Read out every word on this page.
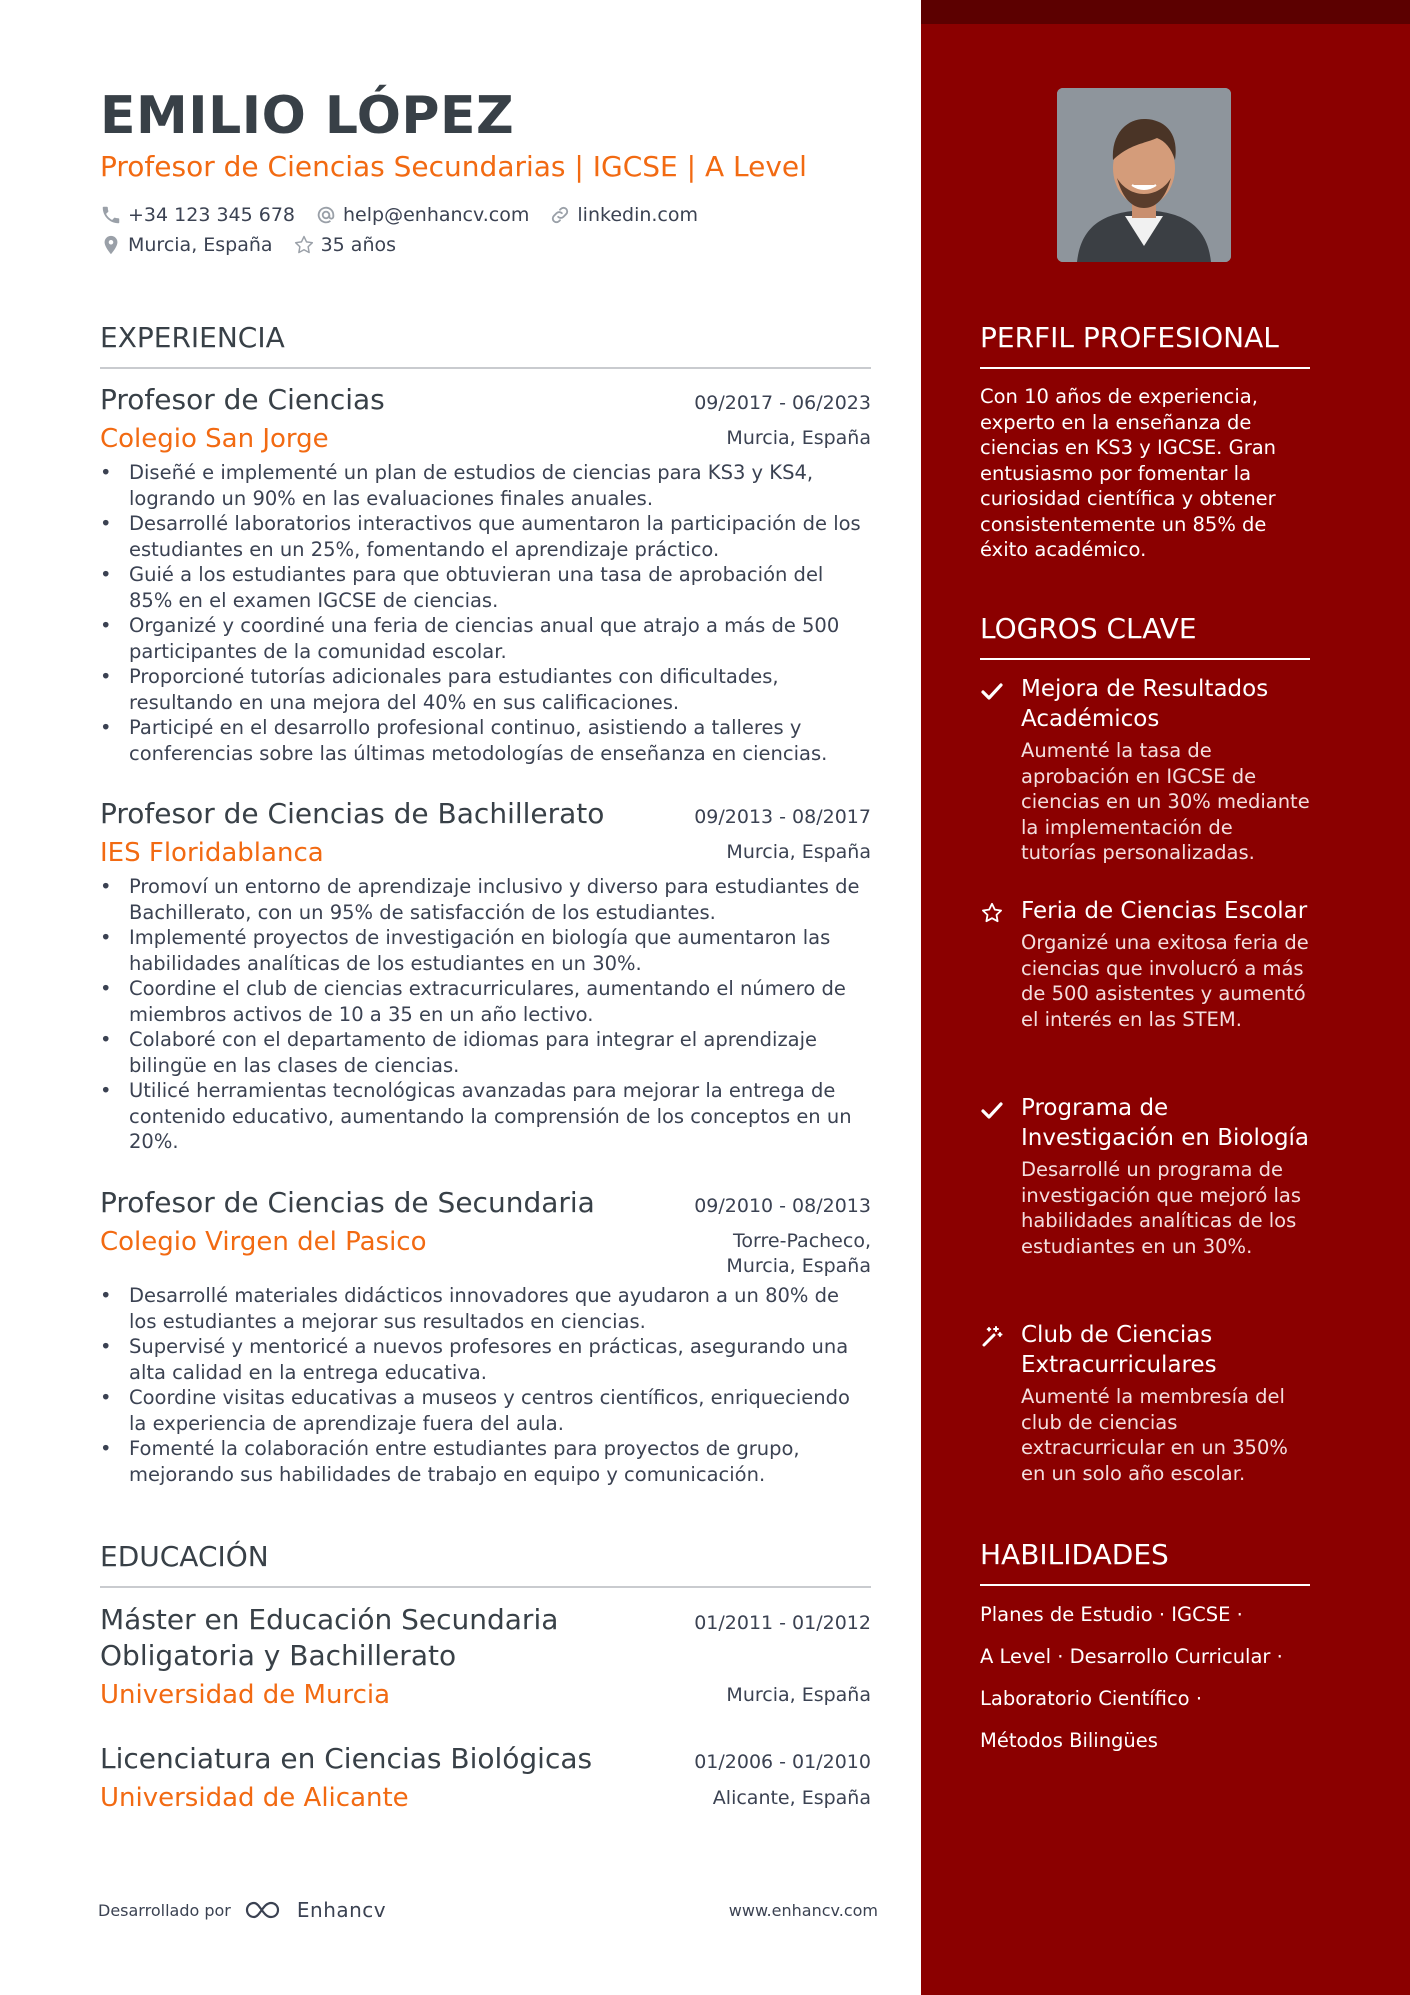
EMILIO LÓPEZ
Profesor de Ciencias Secundarias | IGCSE | A Level
+34 123 345 678	help@enhancv.com	linkedin.com
Murcia, España	35 años
EXPERIENCIA
Profesor de Ciencias	09/2017 - 06/2023
Colegio San Jorge	Murcia, España
• Diseñé e implementé un plan de estudios de ciencias para KS3 y KS4, logrando un 90% en las evaluaciones finales anuales.
• Desarrollé laboratorios interactivos que aumentaron la participación de los estudiantes en un 25%, fomentando el aprendizaje práctico.
• Guié a los estudiantes para que obtuvieran una tasa de aprobación del 85% en el examen IGCSE de ciencias.
• Organizé y coordiné una feria de ciencias anual que atrajo a más de 500 participantes de la comunidad escolar.
• Proporcioné tutorías adicionales para estudiantes con dificultades, resultando en una mejora del 40% en sus calificaciones.
• Participé en el desarrollo profesional continuo, asistiendo a talleres y conferencias sobre las últimas metodologías de enseñanza en ciencias.
Profesor de Ciencias de Bachillerato	09/2013 - 08/2017
IES Floridablanca	Murcia, España
• Promoví un entorno de aprendizaje inclusivo y diverso para estudiantes de Bachillerato, con un 95% de satisfacción de los estudiantes.
• Implementé proyectos de investigación en biología que aumentaron las habilidades analíticas de los estudiantes en un 30%.
• Coordine el club de ciencias extracurriculares, aumentando el número de miembros activos de 10 a 35 en un año lectivo.
• Colaboré con el departamento de idiomas para integrar el aprendizaje bilingüe en las clases de ciencias.
• Utilicé herramientas tecnológicas avanzadas para mejorar la entrega de contenido educativo, aumentando la comprensión de los conceptos en un 20%.
Profesor de Ciencias de Secundaria	09/2010 - 08/2013
Colegio Virgen del Pasico	Torre-Pacheco,
Murcia, España
• Desarrollé materiales didácticos innovadores que ayudaron a un 80% de los estudiantes a mejorar sus resultados en ciencias.
• Supervisé y mentoricé a nuevos profesores en prácticas, asegurando una alta calidad en la entrega educativa.
• Coordine visitas educativas a museos y centros científicos, enriqueciendo la experiencia de aprendizaje fuera del aula.
• Fomenté la colaboración entre estudiantes para proyectos de grupo, mejorando sus habilidades de trabajo en equipo y comunicación.
EDUCACIÓN
Máster en Educación Secundaria Obligatoria y Bachillerato
01/2011 - 01/2012
Universidad de Murcia	Murcia, España
Licenciatura en Ciencias Biológicas	01/2006 - 01/2010
Universidad de Alicante	Alicante, España
Desarrollado por	Enhancv	www.enhancv.com
PERFIL PROFESIONAL
Con 10 años de experiencia, experto en la enseñanza de ciencias en KS3 y IGCSE. Gran entusiasmo por fomentar la curiosidad científica y obtener consistentemente un 85% de éxito académico.
LOGROS CLAVE
Mejora de Resultados Académicos
Aumenté la tasa de aprobación en IGCSE de ciencias en un 30% mediante la implementación de tutorías personalizadas.
Feria de Ciencias Escolar
Organizé una exitosa feria de ciencias que involucró a más de 500 asistentes y aumentó el interés en las STEM.
Programa de Investigación en Biología
Desarrollé un programa de investigación que mejoró las habilidades analíticas de los estudiantes en un 30%.
Club de Ciencias Extracurriculares
Aumenté la membresía del club de ciencias extracurricular en un 350% en un solo año escolar.
HABILIDADES
Planes de Estudio · IGCSE ·
A Level · Desarrollo Curricular ·
Laboratorio Científico ·
Métodos Bilingües
